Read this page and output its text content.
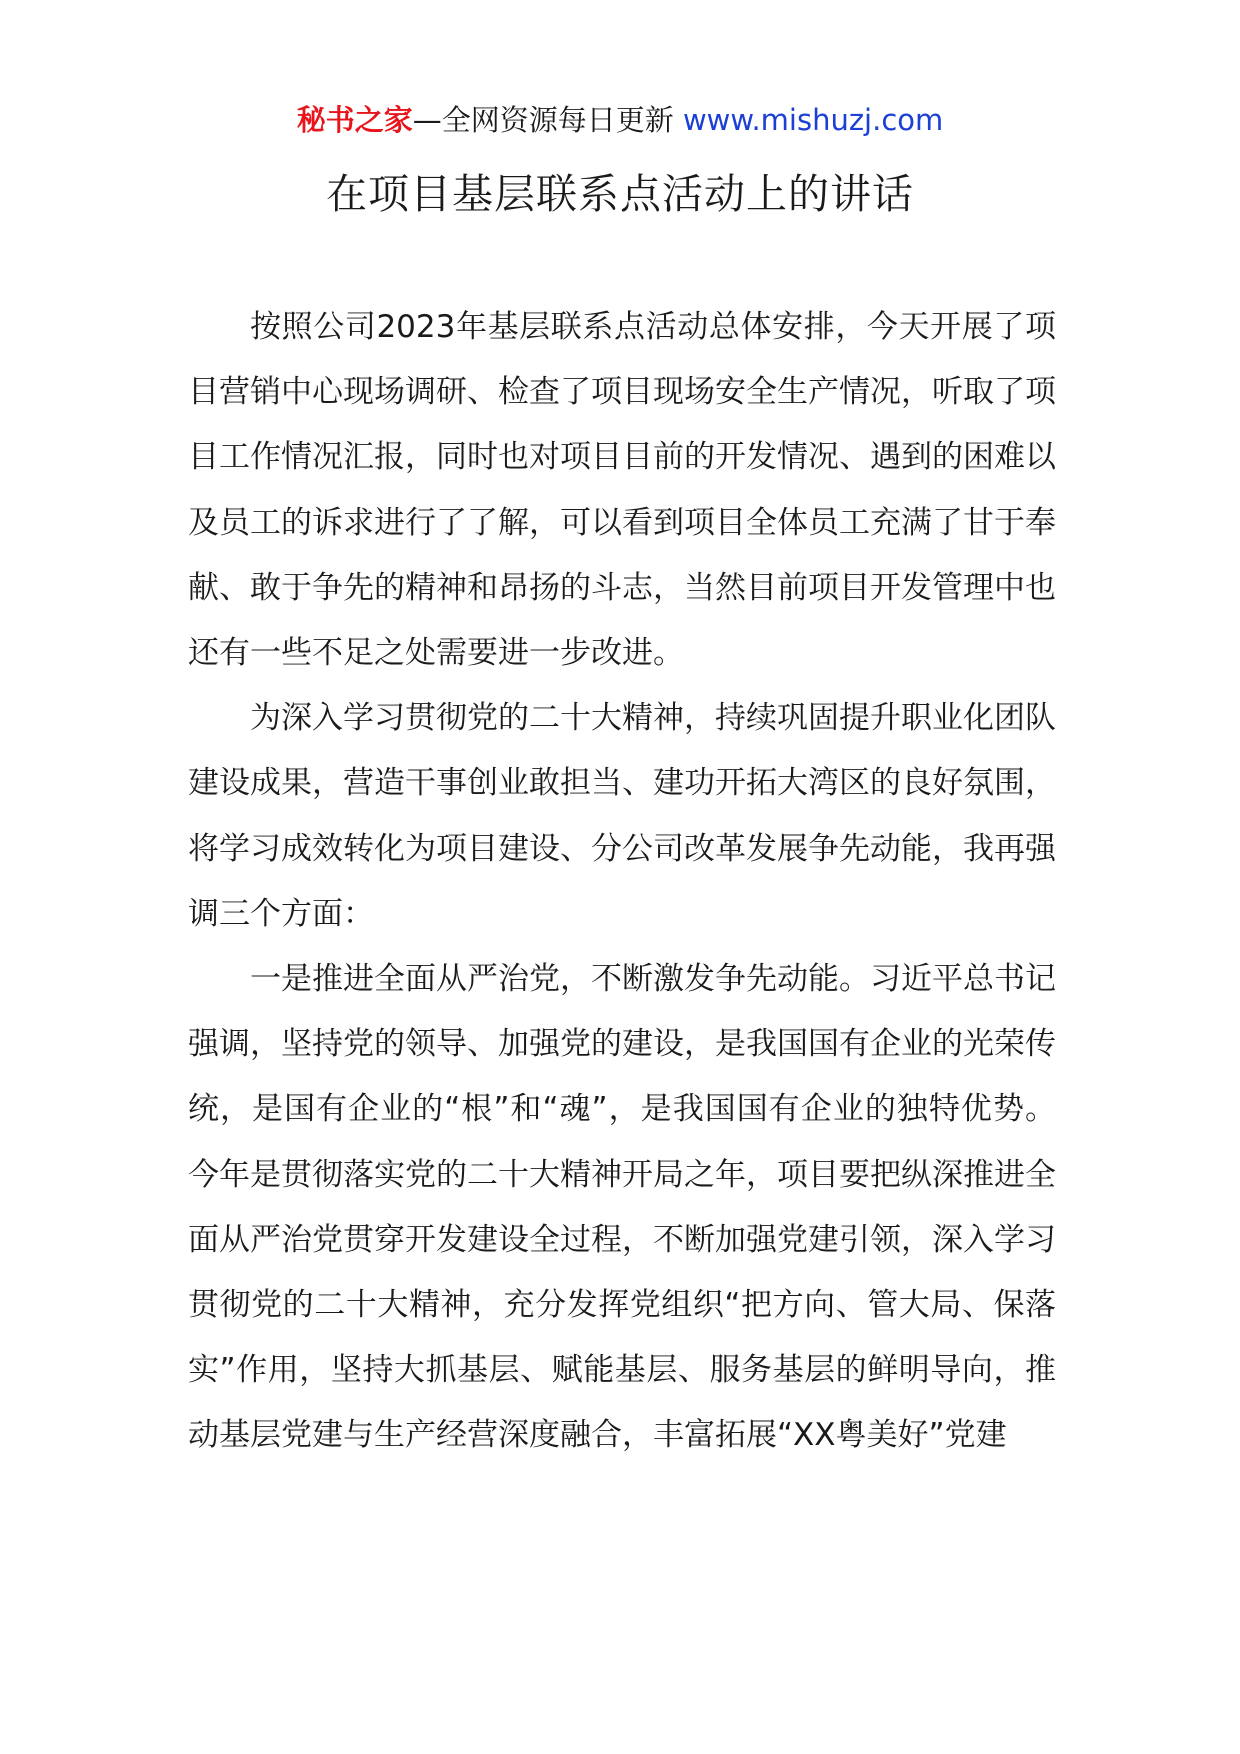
秘书之家—全网资源每日更新 www.mishuzj.com
在项目基层联系点活动上的讲话

按照公司2023年基层联系点活动总体安排，今天开展了项目营销中心现场调研、检查了项目现场安全生产情况，听取了项目工作情况汇报，同时也对项目目前的开发情况、遇到的困难以及员工的诉求进行了了解，可以看到项目全体员工充满了甘于奉献、敢于争先的精神和昂扬的斗志，当然目前项目开发管理中也还有一些不足之处需要进一步改进。

为深入学习贯彻党的二十大精神，持续巩固提升职业化团队建设成果，营造干事创业敢担当、建功开拓大湾区的良好氛围，将学习成效转化为项目建设、分公司改革发展争先动能，我再强调三个方面：

一是推进全面从严治党，不断激发争先动能。习近平总书记强调，坚持党的领导、加强党的建设，是我国国有企业的光荣传统，是国有企业的“根”和“魂”，是我国国有企业的独特优势。今年是贯彻落实党的二十大精神开局之年，项目要把纵深推进全面从严治党贯穿开发建设全过程，不断加强党建引领，深入学习贯彻党的二十大精神，充分发挥党组织“把方向、管大局、保落实”作用，坚持大抓基层、赋能基层、服务基层的鲜明导向，推动基层党建与生产经营深度融合，丰富拓展“XX粤美好”党建
